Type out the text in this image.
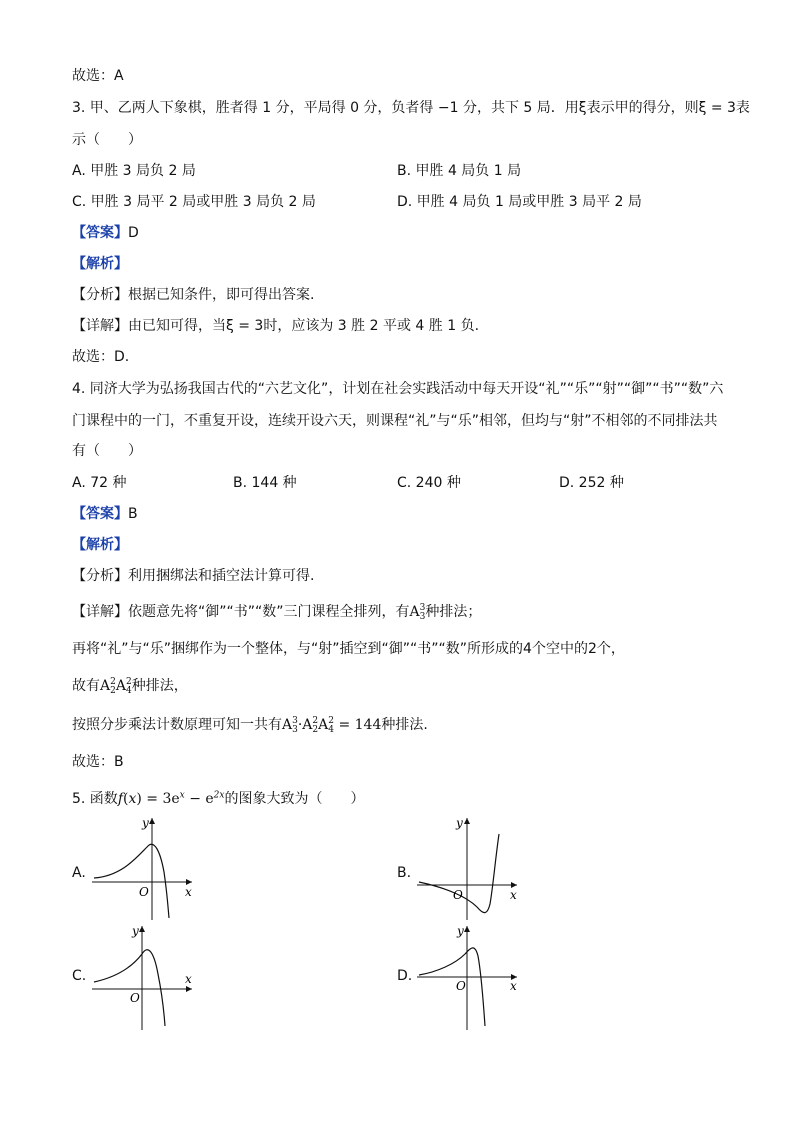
故选：A
3. 甲、乙两人下象棋，胜者得 1 分，平局得 0 分，负者得 −1 分，共下 5 局．用ξ表示甲的得分，则ξ = 3表
示（　　）
A. 甲胜 3 局负 2 局	B. 甲胜 4 局负 1 局
C. 甲胜 3 局平 2 局或甲胜 3 局负 2 局	D. 甲胜 4 局负 1 局或甲胜 3 局平 2 局
【答案】D
【解析】
【分析】根据已知条件，即可得出答案.
【详解】由已知可得，当ξ = 3时，应该为 3 胜 2 平或 4 胜 1 负.
故选：D.
4. 同济大学为弘扬我国古代的“六艺文化”，计划在社会实践活动中每天开设“礼”“乐”“射”“御”“书”“数”六
门课程中的一门，不重复开设，连续开设六天，则课程“礼”与“乐”相邻，但均与“射”不相邻的不同排法共
有（　　）
A. 72 种	B. 144 种	C. 240 种	D. 252 种
【答案】B
【解析】
【分析】利用捆绑法和插空法计算可得.
【详解】依题意先将“御”“书”“数”三门课程全排列，有A 3
3 种排法；
再将“礼”与“乐”捆绑作为一个整体，与“射”插空到“御”“书”“数”所形成的4个空中的2个，
故有A 2
2 A 2
4 种排法，
按照分步乘法计数原理可知一共有A 3
3 ·A 2
2 A 2
4 = 144种排法.
故选：B
5. 函数$f(x) = 3e^x - e^{2x}$的图象大致为（　　）
A.	B.
C.	D.
y
x
O
y
x
O
y
x
O
y
x
O
